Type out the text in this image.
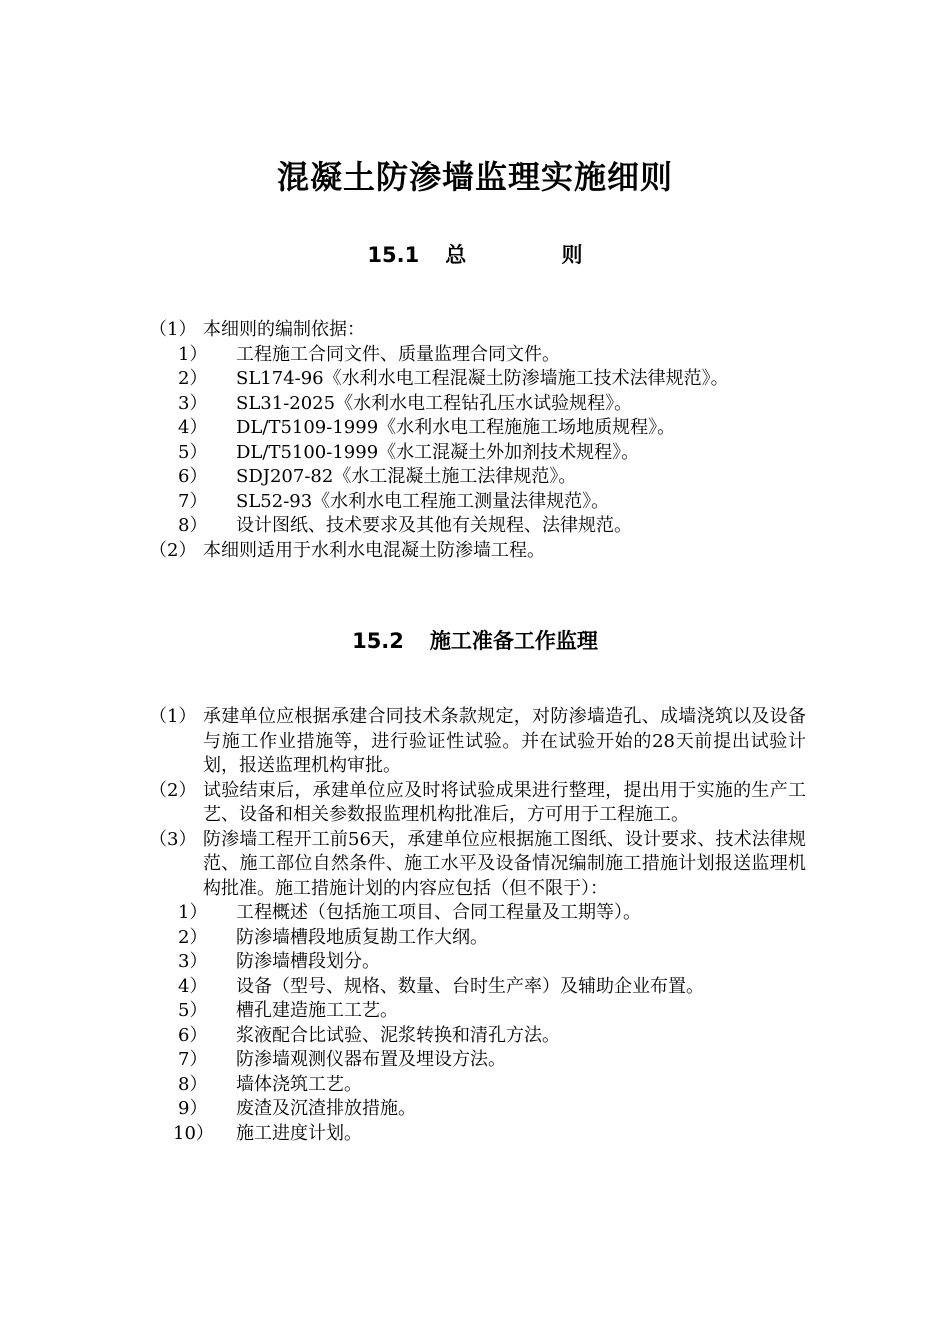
混凝土防渗墙监理实施细则
15.1 总 则
（1） 本细则的编制依据：
1） 工程施工合同文件、质量监理合同文件。
2） SL174-96《水利水电工程混凝土防渗墙施工技术法律规范》。
3） SL31-2025《水利水电工程钻孔压水试验规程》。
4） DL/T5109-1999《水利水电工程施施工场地质规程》。
5） DL/T5100-1999《水工混凝土外加剂技术规程》。
6） SDJ207-82《水工混凝土施工法律规范》。
7） SL52-93《水利水电工程施工测量法律规范》。
8） 设计图纸、技术要求及其他有关规程、法律规范。
（2） 本细则适用于水利水电混凝土防渗墙工程。
15.2 施工准备工作监理
（1） 承建单位应根据承建合同技术条款规定，对防渗墙造孔、成墙浇筑以及设备与施工作业措施等，进行验证性试验。并在试验开始的28天前提出试验计划，报送监理机构审批。
（2） 试验结束后，承建单位应及时将试验成果进行整理，提出用于实施的生产工艺、设备和相关参数报监理机构批准后，方可用于工程施工。
（3） 防渗墙工程开工前56天，承建单位应根据施工图纸、设计要求、技术法律规范、施工部位自然条件、施工水平及设备情况编制施工措施计划报送监理机构批准。施工措施计划的内容应包括（但不限于）：
1） 工程概述（包括施工项目、合同工程量及工期等）。
2） 防渗墙槽段地质复勘工作大纲。
3） 防渗墙槽段划分。
4） 设备（型号、规格、数量、台时生产率）及辅助企业布置。
5） 槽孔建造施工工艺。
6） 浆液配合比试验、泥浆转换和清孔方法。
7） 防渗墙观测仪器布置及埋设方法。
8） 墙体浇筑工艺。
9） 废渣及沉渣排放措施。
10） 施工进度计划。
